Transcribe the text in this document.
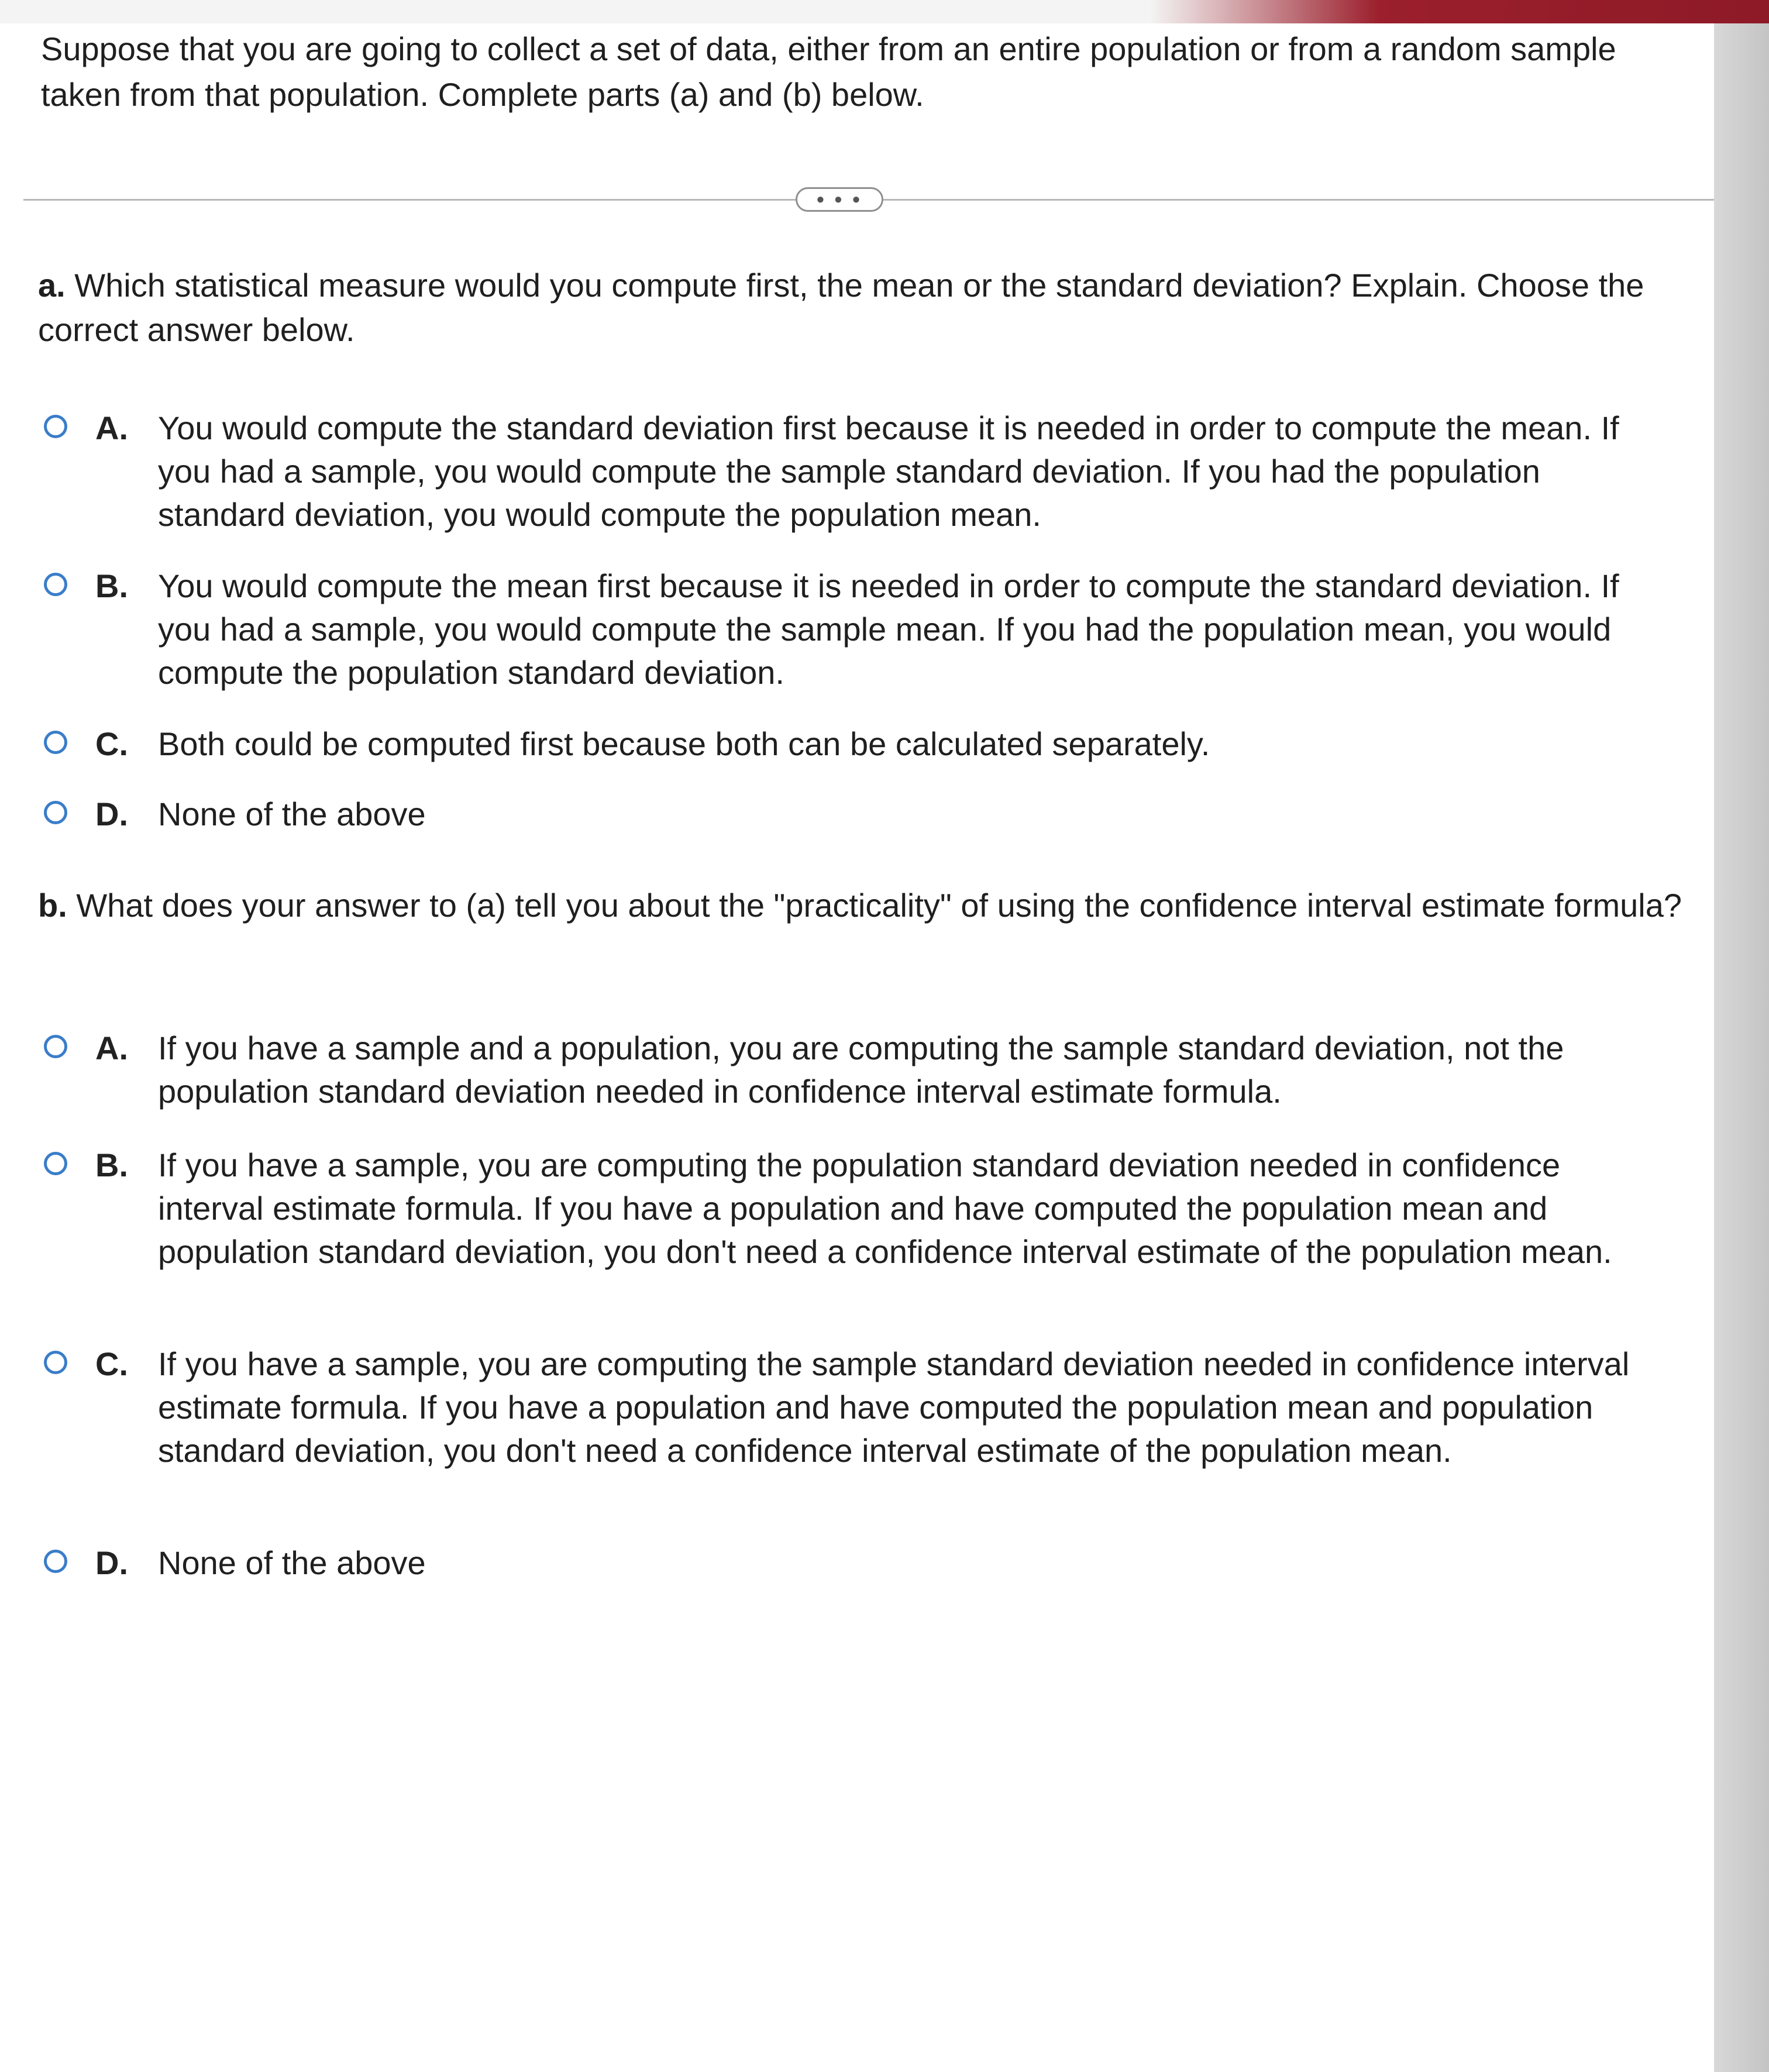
Suppose that you are going to collect a set of data, either from an entire population or from a random sample taken from that population. Complete parts (a) and (b) below.
• • •
a. Which statistical measure would you compute first, the mean or the standard deviation? Explain. Choose the correct answer below.
A. You would compute the standard deviation first because it is needed in order to compute the mean. If you had a sample, you would compute the sample standard deviation. If you had the population standard deviation, you would compute the population mean.
B. You would compute the mean first because it is needed in order to compute the standard deviation. If you had a sample, you would compute the sample mean. If you had the population mean, you would compute the population standard deviation.
C. Both could be computed first because both can be calculated separately.
D. None of the above
b. What does your answer to (a) tell you about the "practicality" of using the confidence interval estimate formula?
A. If you have a sample and a population, you are computing the sample standard deviation, not the population standard deviation needed in confidence interval estimate formula.
B. If you have a sample, you are computing the population standard deviation needed in confidence interval estimate formula. If you have a population and have computed the population mean and population standard deviation, you don't need a confidence interval estimate of the population mean.
C. If you have a sample, you are computing the sample standard deviation needed in confidence interval estimate formula. If you have a population and have computed the population mean and population standard deviation, you don't need a confidence interval estimate of the population mean.
D. None of the above
